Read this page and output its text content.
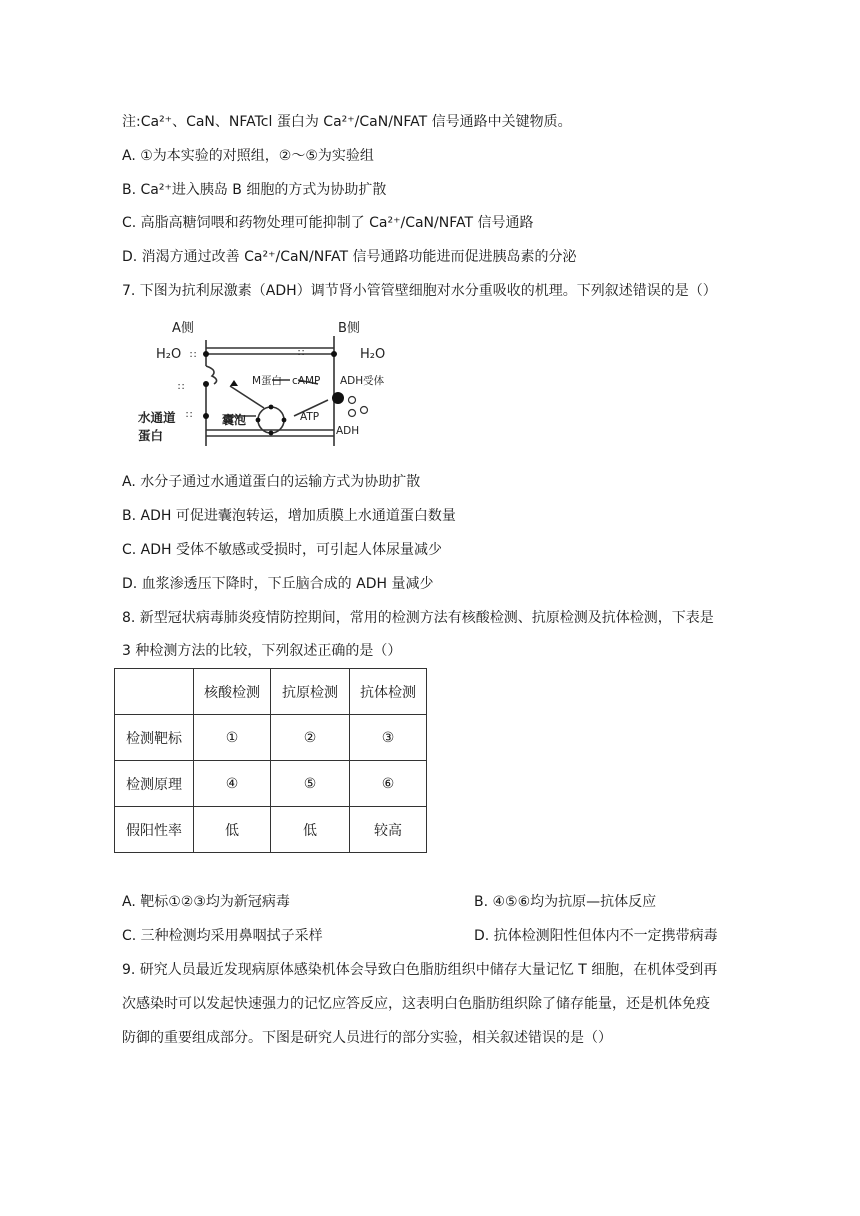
注:Ca²⁺、CaN、NFATcl 蛋白为 Ca²⁺/CaN/NFAT 信号通路中关键物质。
A. ①为本实验的对照组，②～⑤为实验组
B. Ca²⁺进入胰岛 B 细胞的方式为协助扩散
C. 高脂高糖饲喂和药物处理可能抑制了 Ca²⁺/CaN/NFAT 信号通路
D. 消渴方通过改善 Ca²⁺/CaN/NFAT 信号通路功能进而促进胰岛素的分泌
7. 下图为抗利尿激素（ADH）调节肾小管管壁细胞对水分重吸收的机理。下列叙述错误的是（）
∷
∷
∷
∷
A侧	B侧
H₂O	H₂O
M蛋白 cAMP ADH受体
ATP
ADH
囊泡
水通道
蛋白
A. 水分子通过水通道蛋白的运输方式为协助扩散
B. ADH 可促进囊泡转运，增加质膜上水通道蛋白数量
C. ADH 受体不敏感或受损时，可引起人体尿量减少
D. 血浆渗透压下降时，下丘脑合成的 ADH 量减少
8. 新型冠状病毒肺炎疫情防控期间，常用的检测方法有核酸检测、抗原检测及抗体检测，下表是
3 种检测方法的比较，下列叙述正确的是（）
	核酸检测	抗原检测	抗体检测
检测靶标	①	②	③
检测原理	④	⑤	⑥
假阳性率	低	低	较高
A. 靶标①②③均为新冠病毒	B. ④⑤⑥均为抗原—抗体反应
C. 三种检测均采用鼻咽拭子采样	D. 抗体检测阳性但体内不一定携带病毒
9. 研究人员最近发现病原体感染机体会导致白色脂肪组织中储存大量记忆 T 细胞，在机体受到再
次感染时可以发起快速强力的记忆应答反应，这表明白色脂肪组织除了储存能量，还是机体免疫
防御的重要组成部分。下图是研究人员进行的部分实验，相关叙述错误的是（）
